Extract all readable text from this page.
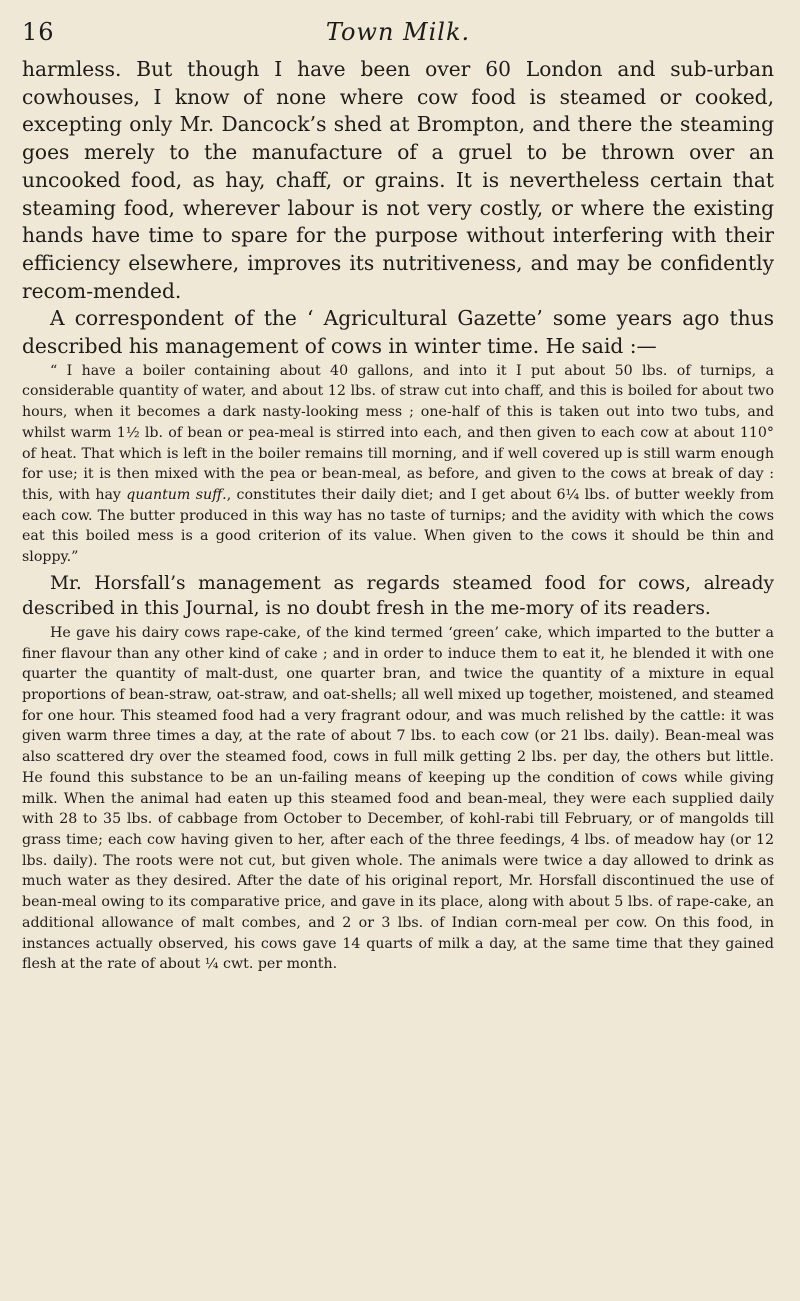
16	Town Milk.

harmless. But though I have been over 60 London and sub-urban cowhouses, I know of none where cow food is steamed or cooked, excepting only Mr. Dancock’s shed at Brompton, and there the steaming goes merely to the manufacture of a gruel to be thrown over an uncooked food, as hay, chaff, or grains. It is nevertheless certain that steaming food, wherever labour is not very costly, or where the existing hands have time to spare for the purpose without interfering with their efficiency elsewhere, improves its nutritiveness, and may be confidently recom-mended.

A correspondent of the ‘ Agricultural Gazette’ some years ago thus described his management of cows in winter time. He said :—

“ I have a boiler containing about 40 gallons, and into it I put about 50 lbs. of turnips, a considerable quantity of water, and about 12 lbs. of straw cut into chaff, and this is boiled for about two hours, when it becomes a dark nasty-looking mess ; one-half of this is taken out into two tubs, and whilst warm 1½ lb. of bean or pea-meal is stirred into each, and then given to each cow at about 110° of heat. That which is left in the boiler remains till morning, and if well covered up is still warm enough for use; it is then mixed with the pea or bean-meal, as before, and given to the cows at break of day : this, with hay quantum suff., constitutes their daily diet; and I get about 6¼ lbs. of butter weekly from each cow. The butter produced in this way has no taste of turnips; and the avidity with which the cows eat this boiled mess is a good criterion of its value. When given to the cows it should be thin and sloppy.”

Mr. Horsfall’s management as regards steamed food for cows, already described in this Journal, is no doubt fresh in the me-mory of its readers.

He gave his dairy cows rape-cake, of the kind termed ‘green’ cake, which imparted to the butter a finer flavour than any other kind of cake ; and in order to induce them to eat it, he blended it with one quarter the quantity of malt-dust, one quarter bran, and twice the quantity of a mixture in equal proportions of bean-straw, oat-straw, and oat-shells; all well mixed up together, moistened, and steamed for one hour. This steamed food had a very fragrant odour, and was much relished by the cattle: it was given warm three times a day, at the rate of about 7 lbs. to each cow (or 21 lbs. daily). Bean-meal was also scattered dry over the steamed food, cows in full milk getting 2 lbs. per day, the others but little. He found this substance to be an un-failing means of keeping up the condition of cows while giving milk. When the animal had eaten up this steamed food and bean-meal, they were each supplied daily with 28 to 35 lbs. of cabbage from October to December, of kohl-rabi till February, or of mangolds till grass time; each cow having given to her, after each of the three feedings, 4 lbs. of meadow hay (or 12 lbs. daily). The roots were not cut, but given whole. The animals were twice a day allowed to drink as much water as they desired. After the date of his original report, Mr. Horsfall discontinued the use of bean-meal owing to its comparative price, and gave in its place, along with about 5 lbs. of rape-cake, an additional allowance of malt combes, and 2 or 3 lbs. of Indian corn-meal per cow. On this food, in instances actually observed, his cows gave 14 quarts of milk a day, at the same time that they gained flesh at the rate of about ¼ cwt. per month.
